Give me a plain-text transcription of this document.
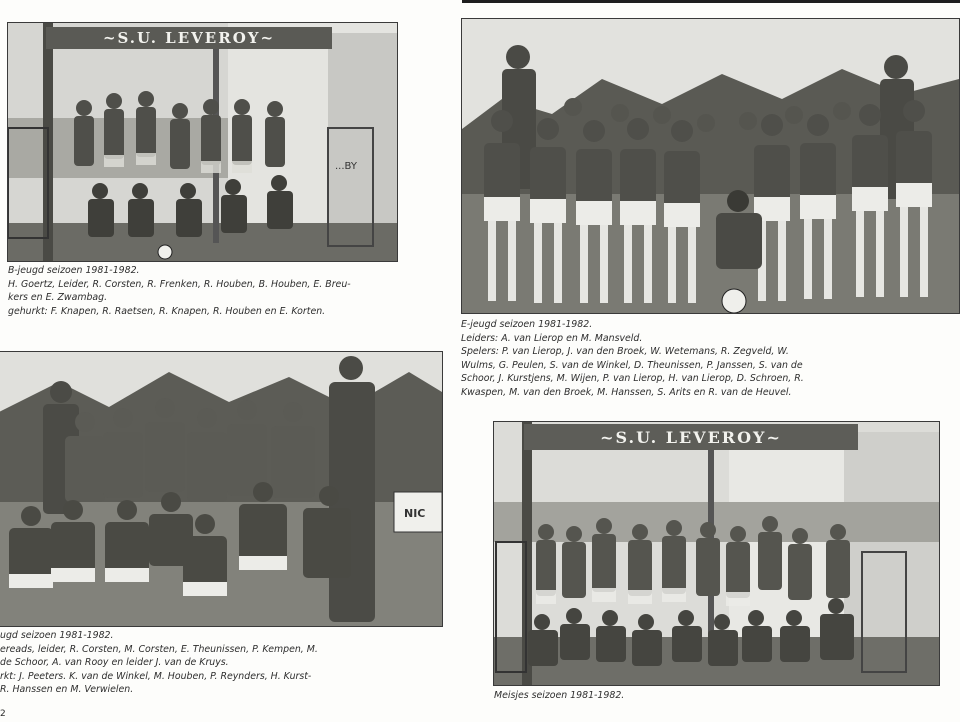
~S.U. LEVEROY~
...BY
B-jeugd seizoen 1981-1982.
H. Goertz, Leider, R. Corsten, R. Frenken, R. Houben, B. Houben, E. Breu-
kers en E. Zwambag.
gehurkt: F. Knapen, R. Raetsen, R. Knapen, R. Houben en E. Korten.
E-jeugd seizoen 1981-1982.
Leiders: A. van Lierop en M. Mansveld.
Spelers: P. van Lierop, J. van den Broek, W. Wetemans, R. Zegveld, W.
Wulms, G. Peulen, S. van de Winkel, D. Theunissen, P. Janssen, S. van de
Schoor, J. Kurstjens, M. Wijen, P. van Lierop, H. van Lierop, D. Schroen, R.
Kwaspen, M. van den Broek, M. Hanssen, S. Arits en R. van de Heuvel.
NIC
ugd seizoen 1981-1982.
ereads, leider, R. Corsten, M. Corsten, E. Theunissen, P. Kempen, M.
de Schoor, A. van Rooy en leider J. van de Kruys.
rkt: J. Peeters. K. van de Winkel, M. Houben, P. Reynders, H. Kurst-
R. Hanssen en M. Verwielen.
~S.U. LEVEROY~
Meisjes seizoen 1981-1982.
2
